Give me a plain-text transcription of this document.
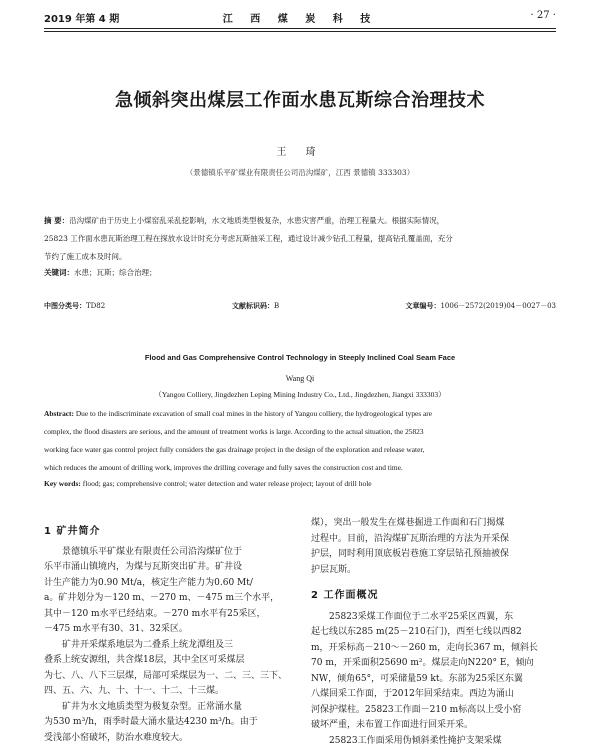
2019 年第 4 期	江 西 煤 炭 科 技	· 27 ·
急倾斜突出煤层工作面水患瓦斯综合治理技术
王 琦
（景德镇乐平矿煤业有限责任公司沿沟煤矿，江西 景德镇 333303）
摘 要：沿沟煤矿由于历史上小煤窑乱采乱挖影响，水文地质类型极复杂，水患灾害严重，治理工程量大。根据实际情况，
25823 工作面水患瓦斯治理工程在探放水设计时充分考虑瓦斯抽采工程，通过设计减少钻孔工程量，提高钻孔覆盖面，充分
节约了施工成本及时间。
关键词：水患；瓦斯；综合治理；
中图分类号：TD82	文献标识码：B	文章编号：1006－2572(2019)04－0027－03
Flood and Gas Comprehensive Control Technology in Steeply Inclined Coal Seam Face
Wang Qi
（Yangou Colliery, Jingdezhen Leping Mining Industry Co., Ltd., Jingdezhen, Jiangxi 333303）
Abstract: Due to the indiscriminate excavation of small coal mines in the history of Yangou colliery, the hydrogeological types are
complex, the flood disasters are serious, and the amount of treatment works is large. According to the actual situation, the 25823
working face water gas control project fully considers the gas drainage project in the design of the exploration and release water,
which reduces the amount of drilling work, improves the drilling coverage and fully saves the construction cost and time.
Key words: flood; gas; comprehensive control; water detection and water release project; layout of drill hole
1 矿井简介
景德镇乐平矿煤业有限责任公司沿沟煤矿位于
乐平市涌山镇境内，为煤与瓦斯突出矿井。矿井设
计生产能力为0.90 Mt/a，核定生产能力为0.60 Mt/
a。矿井划分为－120 m、－270 m、－475 m三个水平，
其中－120 m水平已经结束。－270 m水平有25采区，
－475 m水平有30、31、32采区。
矿井开采煤系地层为二叠系上统龙潭组及三
叠系上统安源组，共含煤18层，其中全区可采煤层
为七、八、八下三层煤，局部可采煤层为一、二、三、三下、
四、五、六、九、十、十一、十二、十三煤。
矿井为水文地质类型为极复杂型。正常涌水量
为530 m³/h，雨季时最大涌水量达4230 m³/h。由于
受浅部小窑破坏，防治水难度较大。
煤），突出一般发生在煤巷掘进工作面和石门揭煤
过程中。目前，沿沟煤矿瓦斯治理的方法为开采保
护层，同时利用顶底板岩巷施工穿层钻孔预抽被保
护层瓦斯。
2 工作面概况
25823采煤工作面位于二水平25采区西翼，东
起七线以东285 m(25－210石门)，西至七线以西82
m，开采标高－210～－260 m，走向长367 m，倾斜长
70 m，开采面积25690 m²。煤层走向N220° E，倾向
NW，倾角65°，可采储量59 kt。东部为25采区东翼
八煤回采工作面，于2012年回采结束。西边为涌山
河保护煤柱。25823工作面－210 m标高以上受小窑
破坏严重，未布置工作面进行回采开采。
25823工作面采用伪倾斜柔性掩护支架采煤
